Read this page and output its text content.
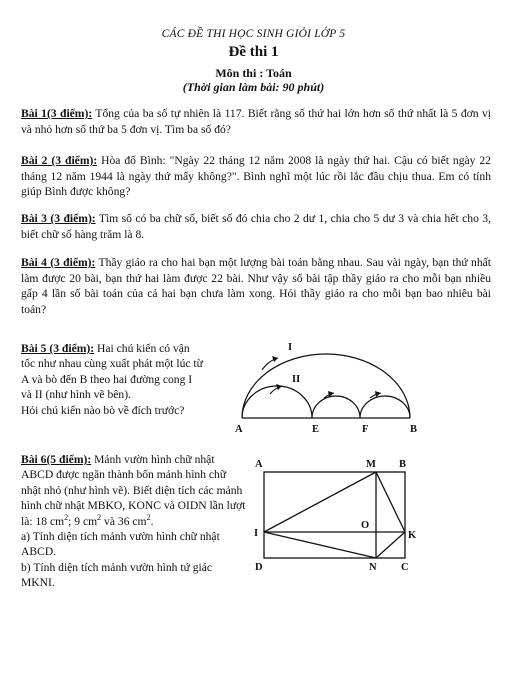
CÁC ĐỀ THI HỌC SINH GIỎI LỚP 5
Đề thi 1
Môn thi : Toán
(Thời gian làm bài: 90 phút)
Bài 1(3 điểm): Tổng của ba số tự nhiên là 117. Biết rằng số thứ hai lớn hơn số thứ nhất là 5 đơn vị và nhỏ hơn số thứ ba 5 đơn vị. Tìm ba số đó?
Bài 2 (3 điểm): Hòa đố Bình: "Ngày 22 tháng 12 năm 2008 là ngày thứ hai. Cậu có biết ngày 22 tháng 12 năm 1944 là ngày thứ mấy không?". Bình nghĩ một lúc rồi lắc đầu chịu thua. Em có tính giúp Bình được không?
Bài 3 (3 điểm): Tìm số có ba chữ số, biết số đó chia cho 2 dư 1, chia cho 5 dư 3 và chia hết cho 3, biết chữ số hàng trăm là 8.
Bài 4 (3 điểm): Thầy giáo ra cho hai bạn một lượng bài toán bằng nhau. Sau vài ngày, bạn thứ nhất làm được 20 bài, bạn thứ hai làm được 22 bài. Như vậy số bài tập thầy giáo ra cho mỗi bạn nhiều gấp 4 lần số bài toán của cả hai bạn chưa làm xong. Hỏi thầy giáo ra cho mỗi bạn bao nhiêu bài toán?
Bài 5 (3 điểm): Hai chú kiến có vận tốc như nhau cùng xuất phát một lúc từ A và bò đến B theo hai đường cong I và II (như hình vẽ bên).
Hỏi chú kiến nào bò về đích trước?
I
II
A	E	F	B
Bài 6(5 điểm): Mảnh vườn hình chữ nhật ABCD được ngăn thành bốn mảnh hình chữ nhật nhỏ (như hình vẽ). Biết diện tích các mảnh hình chữ nhật MBKO, KONC và OIDN lần lượt là: 18 $cm^2$; 9 $cm^2$ và 36 $cm^2$.
a) Tính diện tích mảnh vườn hình chữ nhật ABCD.
b) Tính diện tích mảnh vườn hình tứ giác MKNI.
A	M B
O
I	K
D	N C
